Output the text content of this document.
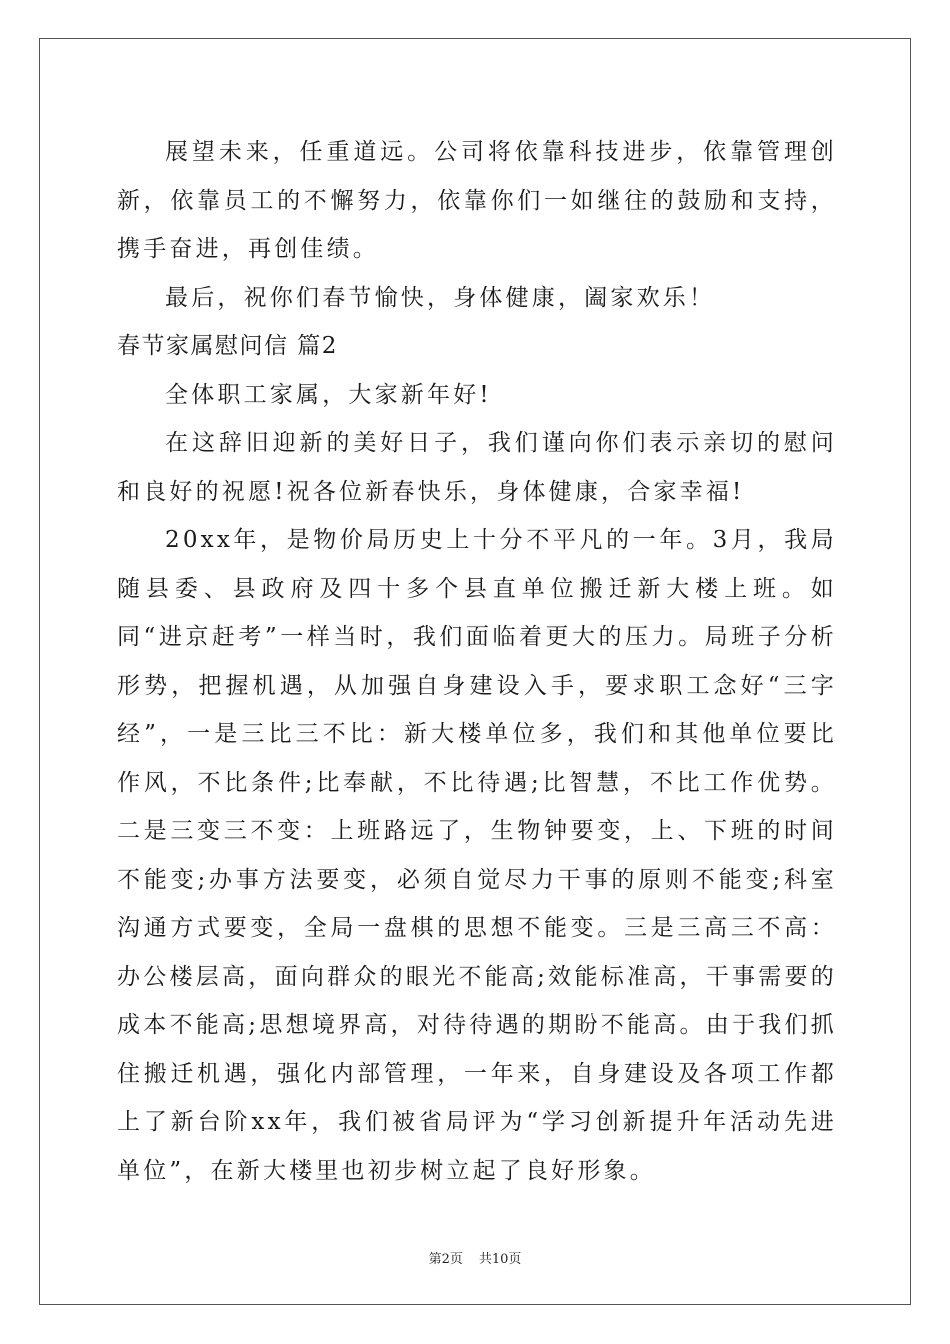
展望未来，任重道远。公司将依靠科技进步，依靠管理创新，依靠员工的不懈努力，依靠你们一如继往的鼓励和支持，携手奋进，再创佳绩。

最后，祝你们春节愉快，身体健康，阖家欢乐！

春节家属慰问信 篇2

全体职工家属，大家新年好!

在这辞旧迎新的美好日子，我们谨向你们表示亲切的慰问和良好的祝愿!祝各位新春快乐，身体健康，合家幸福!

20xx年，是物价局历史上十分不平凡的一年。3月，我局随县委、县政府及四十多个县直单位搬迁新大楼上班。如同“进京赶考”一样当时，我们面临着更大的压力。局班子分析形势，把握机遇，从加强自身建设入手，要求职工念好“三字经”，一是三比三不比：新大楼单位多，我们和其他单位要比作风，不比条件;比奉献，不比待遇;比智慧，不比工作优势。二是三变三不变：上班路远了，生物钟要变，上、下班的时间不能变;办事方法要变，必须自觉尽力干事的原则不能变;科室沟通方式要变，全局一盘棋的思想不能变。三是三高三不高：办公楼层高，面向群众的眼光不能高;效能标准高，干事需要的成本不能高;思想境界高，对待待遇的期盼不能高。由于我们抓住搬迁机遇，强化内部管理，一年来，自身建设及各项工作都上了新台阶xx年，我们被省局评为“学习创新提升年活动先进单位”，在新大楼里也初步树立起了良好形象。

第2页 共10页
